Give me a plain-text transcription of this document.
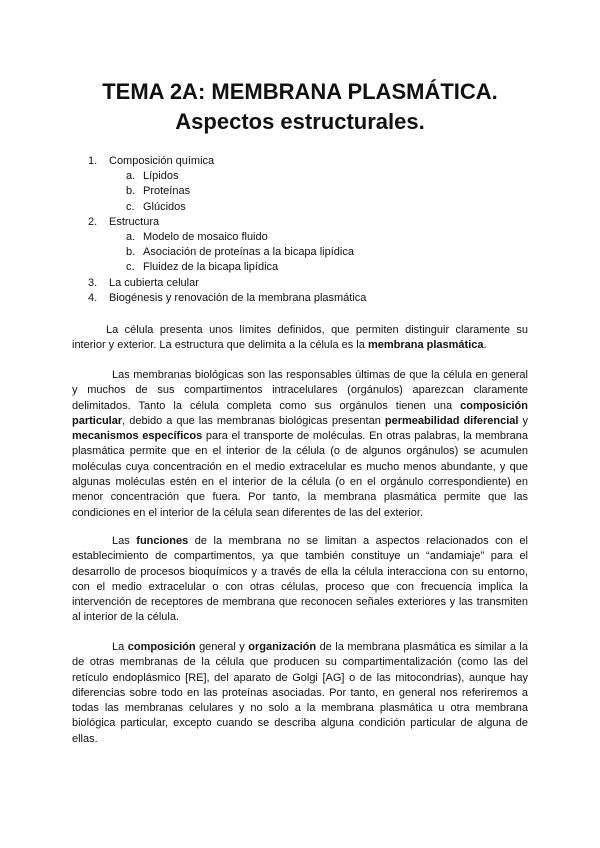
TEMA 2A: MEMBRANA PLASMÁTICA.
Aspectos estructurales.
1. Composición química
a. Lípidos
b. Proteínas
c. Glúcidos
2. Estructura
a. Modelo de mosaico fluido
b. Asociación de proteínas a la bicapa lipídica
c. Fluidez de la bicapa lipídica
3. La cubierta celular
4. Biogénesis y renovación de la membrana plasmática

La célula presenta unos límites definidos, que permiten distinguir claramente su interior y exterior. La estructura que delimita a la célula es la membrana plasmática.

Las membranas biológicas son las responsables últimas de que la célula en general y muchos de sus compartimentos intracelulares (orgánulos) aparezcan claramente delimitados. Tanto la célula completa como sus orgánulos tienen una composición particular, debido a que las membranas biológicas presentan permeabilidad diferencial y mecanismos específicos para el transporte de moléculas. En otras palabras, la membrana plasmática permite que en el interior de la célula (o de algunos orgánulos) se acumulen moléculas cuya concentración en el medio extracelular es mucho menos abundante, y que algunas moléculas estén en el interior de la célula (o en el orgánulo correspondiente) en menor concentración que fuera. Por tanto, la membrana plasmática permite que las condiciones en el interior de la célula sean diferentes de las del exterior.

Las funciones de la membrana no se limitan a aspectos relacionados con el establecimiento de compartimentos, ya que también constituye un “andamiaje” para el desarrollo de procesos bioquímicos y a través de ella la célula interacciona con su entorno, con el medio extracelular o con otras células, proceso que con frecuencia implica la intervención de receptores de membrana que reconocen señales exteriores y las transmiten al interior de la célula.

La composición general y organización de la membrana plasmática es similar a la de otras membranas de la célula que producen su compartimentalización (como las del retículo endoplásmico [RE], del aparato de Golgi [AG] o de las mitocondrias), aunque hay diferencias sobre todo en las proteínas asociadas. Por tanto, en general nos referiremos a todas las membranas celulares y no solo a la membrana plasmática u otra membrana biológica particular, excepto cuando se describa alguna condición particular de alguna de ellas.
